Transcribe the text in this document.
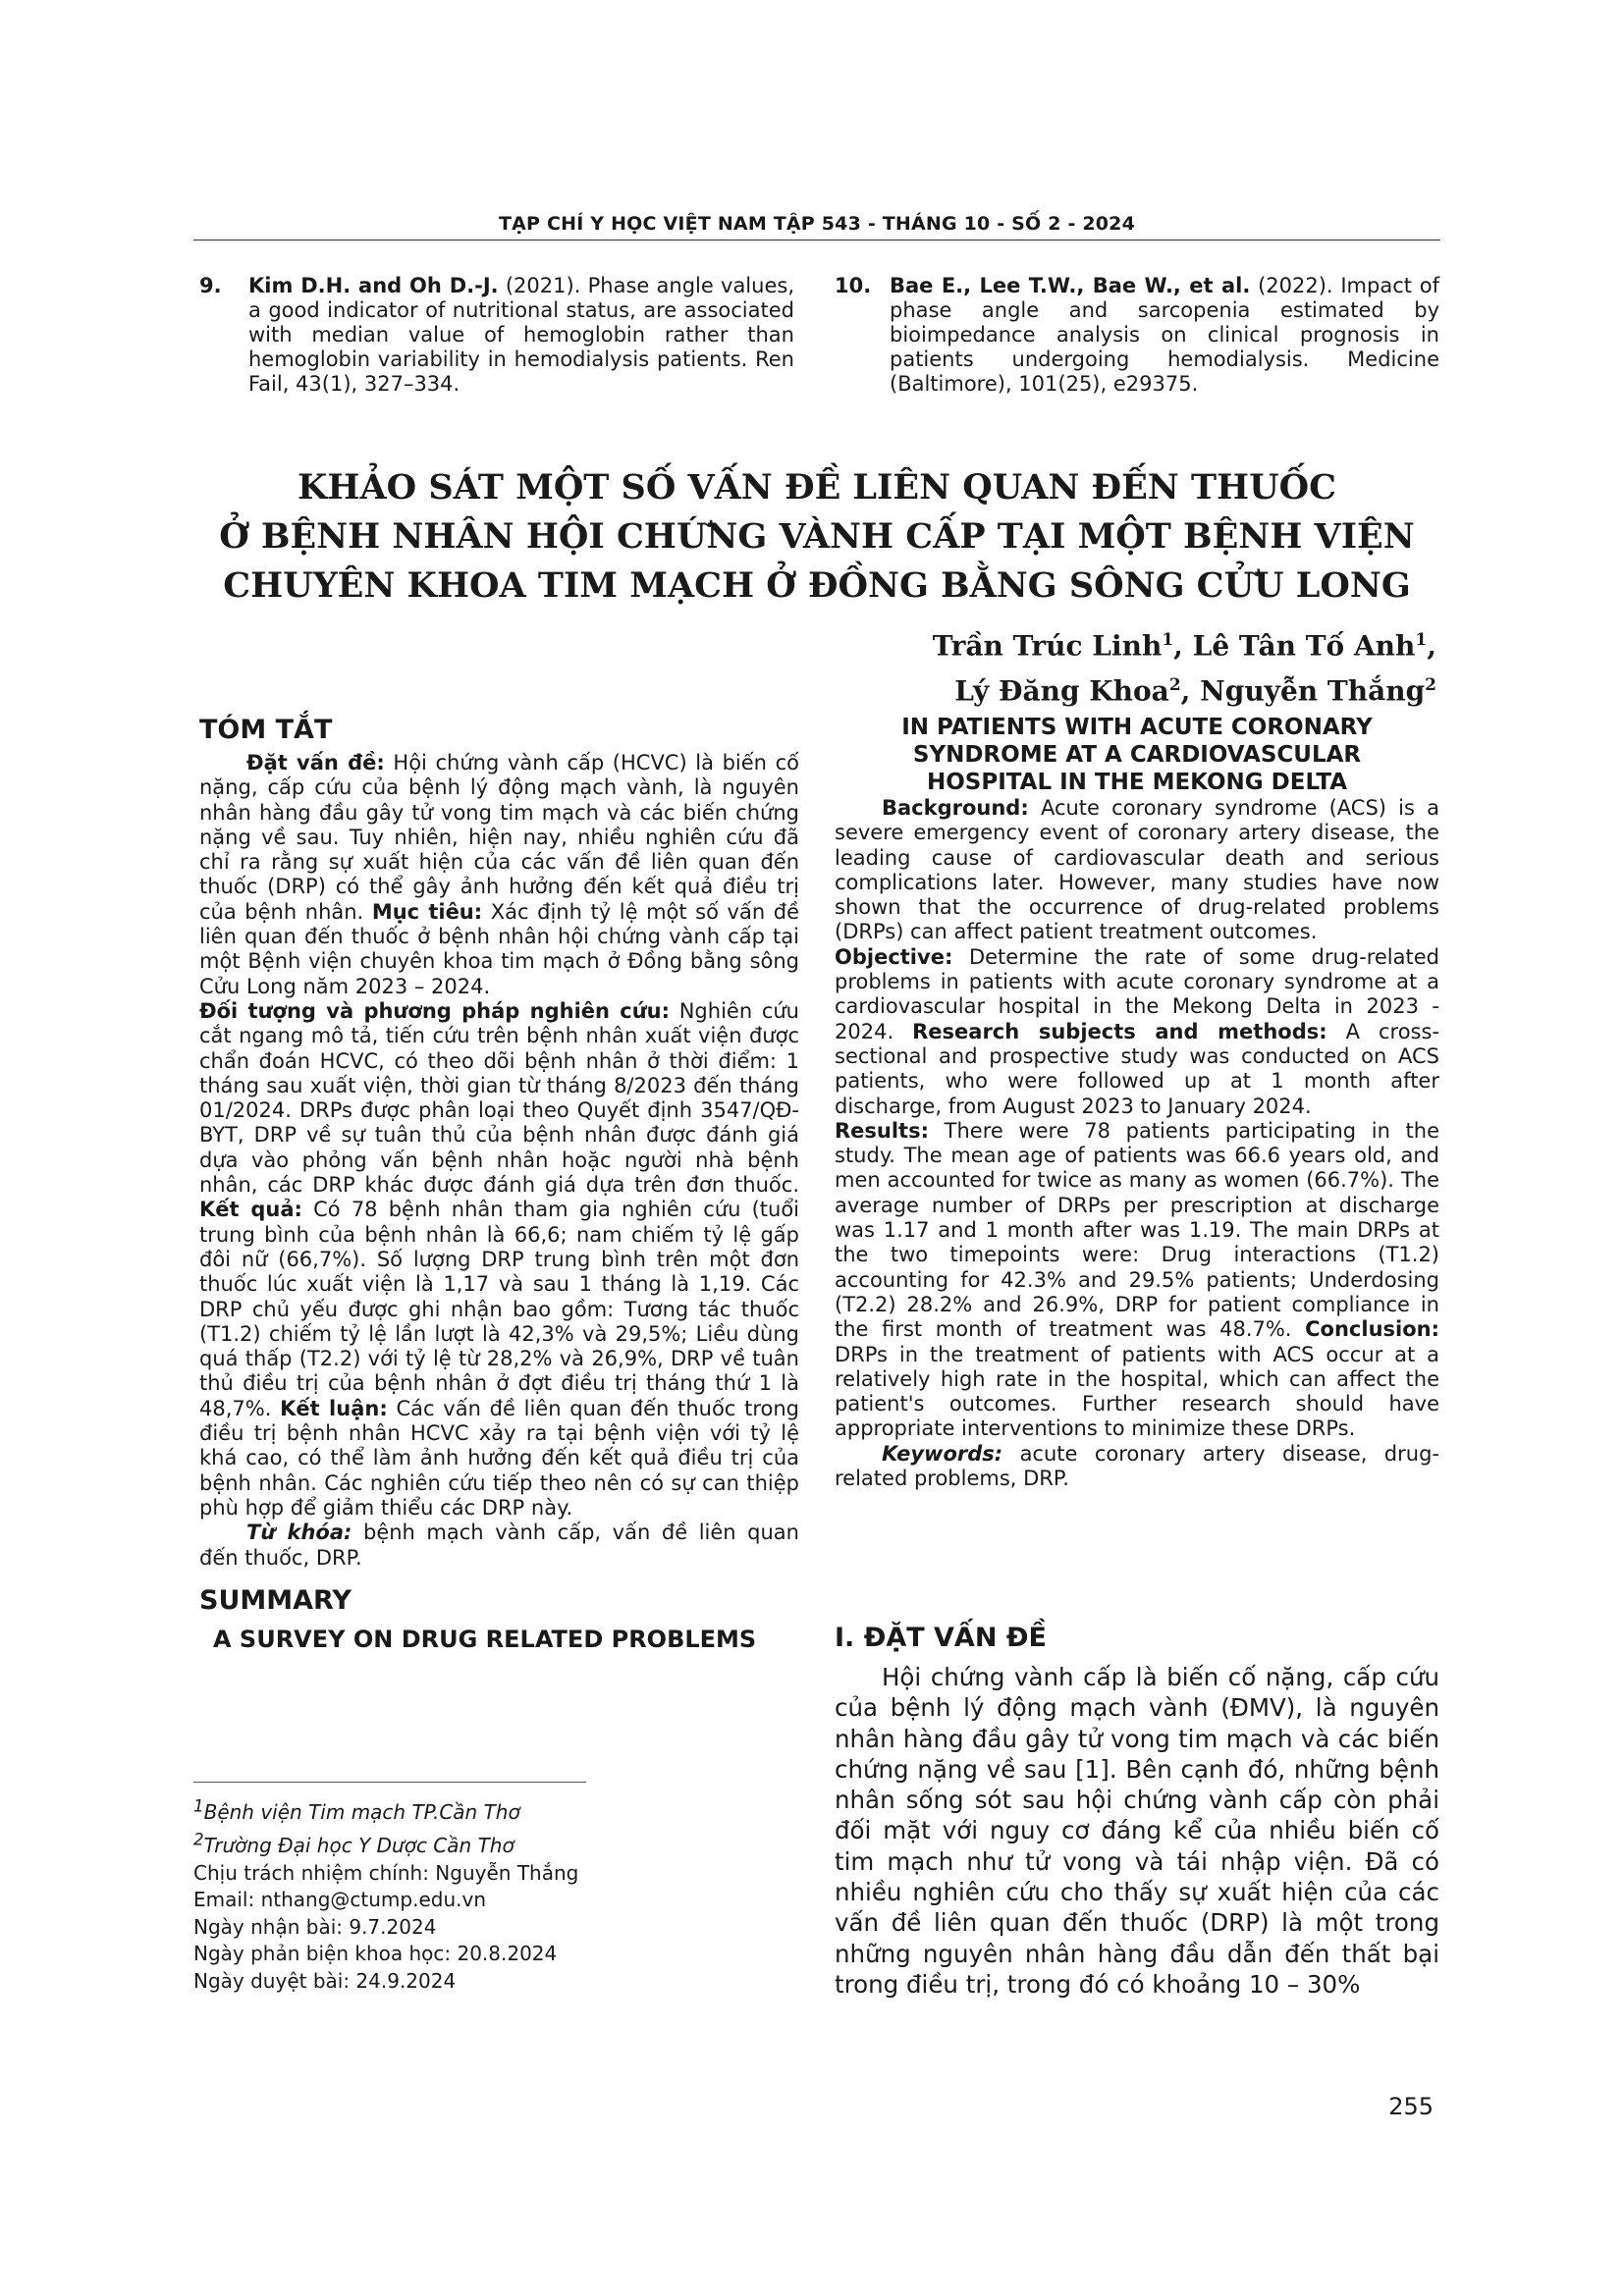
TẠP CHÍ Y HỌC VIỆT NAM TẬP 543 - THÁNG 10 - SỐ 2 - 2024
9. Kim D.H. and Oh D.-J. (2021). Phase angle values, a good indicator of nutritional status, are associated with median value of hemoglobin rather than hemoglobin variability in hemodialysis patients. Ren Fail, 43(1), 327–334.
10. Bae E., Lee T.W., Bae W., et al. (2022). Impact of phase angle and sarcopenia estimated by bioimpedance analysis on clinical prognosis in patients undergoing hemodialysis. Medicine (Baltimore), 101(25), e29375.
KHẢO SÁT MỘT SỐ VẤN ĐỀ LIÊN QUAN ĐẾN THUỐC
Ở BỆNH NHÂN HỘI CHỨNG VÀNH CẤP TẠI MỘT BỆNH VIỆN
CHUYÊN KHOA TIM MẠCH Ở ĐỒNG BẰNG SÔNG CỬU LONG
Trần Trúc Linh$^1$, Lê Tân Tố Anh$^1$,
Lý Đăng Khoa$^2$, Nguyễn Thắng$^2$
TÓM TẮT

Đặt vấn đề: Hội chứng vành cấp (HCVC) là biến cố nặng, cấp cứu của bệnh lý động mạch vành, là nguyên nhân hàng đầu gây tử vong tim mạch và các biến chứng nặng về sau. Tuy nhiên, hiện nay, nhiều nghiên cứu đã chỉ ra rằng sự xuất hiện của các vấn đề liên quan đến thuốc (DRP) có thể gây ảnh hưởng đến kết quả điều trị của bệnh nhân. Mục tiêu: Xác định tỷ lệ một số vấn đề liên quan đến thuốc ở bệnh nhân hội chứng vành cấp tại một Bệnh viện chuyên khoa tim mạch ở Đồng bằng sông Cửu Long năm 2023 – 2024.

Đối tượng và phương pháp nghiên cứu: Nghiên cứu cắt ngang mô tả, tiến cứu trên bệnh nhân xuất viện được chẩn đoán HCVC, có theo dõi bệnh nhân ở thời điểm: 1 tháng sau xuất viện, thời gian từ tháng 8/2023 đến tháng 01/2024. DRPs được phân loại theo Quyết định 3547/QĐ-BYT, DRP về sự tuân thủ của bệnh nhân được đánh giá dựa vào phỏng vấn bệnh nhân hoặc người nhà bệnh nhân, các DRP khác được đánh giá dựa trên đơn thuốc. Kết quả: Có 78 bệnh nhân tham gia nghiên cứu (tuổi trung bình của bệnh nhân là 66,6; nam chiếm tỷ lệ gấp đôi nữ (66,7%). Số lượng DRP trung bình trên một đơn thuốc lúc xuất viện là 1,17 và sau 1 tháng là 1,19. Các DRP chủ yếu được ghi nhận bao gồm: Tương tác thuốc (T1.2) chiếm tỷ lệ lần lượt là 42,3% và 29,5%; Liều dùng quá thấp (T2.2) với tỷ lệ từ 28,2% và 26,9%, DRP về tuân thủ điều trị của bệnh nhân ở đợt điều trị tháng thứ 1 là 48,7%. Kết luận: Các vấn đề liên quan đến thuốc trong điều trị bệnh nhân HCVC xảy ra tại bệnh viện với tỷ lệ khá cao, có thể làm ảnh hưởng đến kết quả điều trị của bệnh nhân. Các nghiên cứu tiếp theo nên có sự can thiệp phù hợp để giảm thiểu các DRP này.

Từ khóa: bệnh mạch vành cấp, vấn đề liên quan đến thuốc, DRP.

SUMMARY
A SURVEY ON DRUG RELATED PROBLEMS
IN PATIENTS WITH ACUTE CORONARY
SYNDROME AT A CARDIOVASCULAR
HOSPITAL IN THE MEKONG DELTA

Background: Acute coronary syndrome (ACS) is a severe emergency event of coronary artery disease, the leading cause of cardiovascular death and serious complications later. However, many studies have now shown that the occurrence of drug-related problems (DRPs) can affect patient treatment outcomes.

Objective: Determine the rate of some drug-related problems in patients with acute coronary syndrome at a cardiovascular hospital in the Mekong Delta in 2023 - 2024. Research subjects and methods: A cross-sectional and prospective study was conducted on ACS patients, who were followed up at 1 month after discharge, from August 2023 to January 2024.

Results: There were 78 patients participating in the study. The mean age of patients was 66.6 years old, and men accounted for twice as many as women (66.7%). The average number of DRPs per prescription at discharge was 1.17 and 1 month after was 1.19. The main DRPs at the two timepoints were: Drug interactions (T1.2) accounting for 42.3% and 29.5% patients; Underdosing (T2.2) 28.2% and 26.9%, DRP for patient compliance in the first month of treatment was 48.7%. Conclusion: DRPs in the treatment of patients with ACS occur at a relatively high rate in the hospital, which can affect the patient's outcomes. Further research should have appropriate interventions to minimize these DRPs.

Keywords: acute coronary artery disease, drug-related problems, DRP.

$^1$Bệnh viện Tim mạch TP.Cần Thơ
$^2$Trường Đại học Y Dược Cần Thơ
Chịu trách nhiệm chính: Nguyễn Thắng
Email: nthang@ctump.edu.vn
Ngày nhận bài: 9.7.2024
Ngày phản biện khoa học: 20.8.2024
Ngày duyệt bài: 24.9.2024
I. ĐẶT VẤN ĐỀ
Hội chứng vành cấp là biến cố nặng, cấp cứu của bệnh lý động mạch vành (ĐMV), là nguyên nhân hàng đầu gây tử vong tim mạch và các biến chứng nặng về sau [1]. Bên cạnh đó, những bệnh nhân sống sót sau hội chứng vành cấp còn phải đối mặt với nguy cơ đáng kể của nhiều biến cố tim mạch như tử vong và tái nhập viện. Đã có nhiều nghiên cứu cho thấy sự xuất hiện của các vấn đề liên quan đến thuốc (DRP) là một trong những nguyên nhân hàng đầu dẫn đến thất bại trong điều trị, trong đó có khoảng 10 – 30%
255
